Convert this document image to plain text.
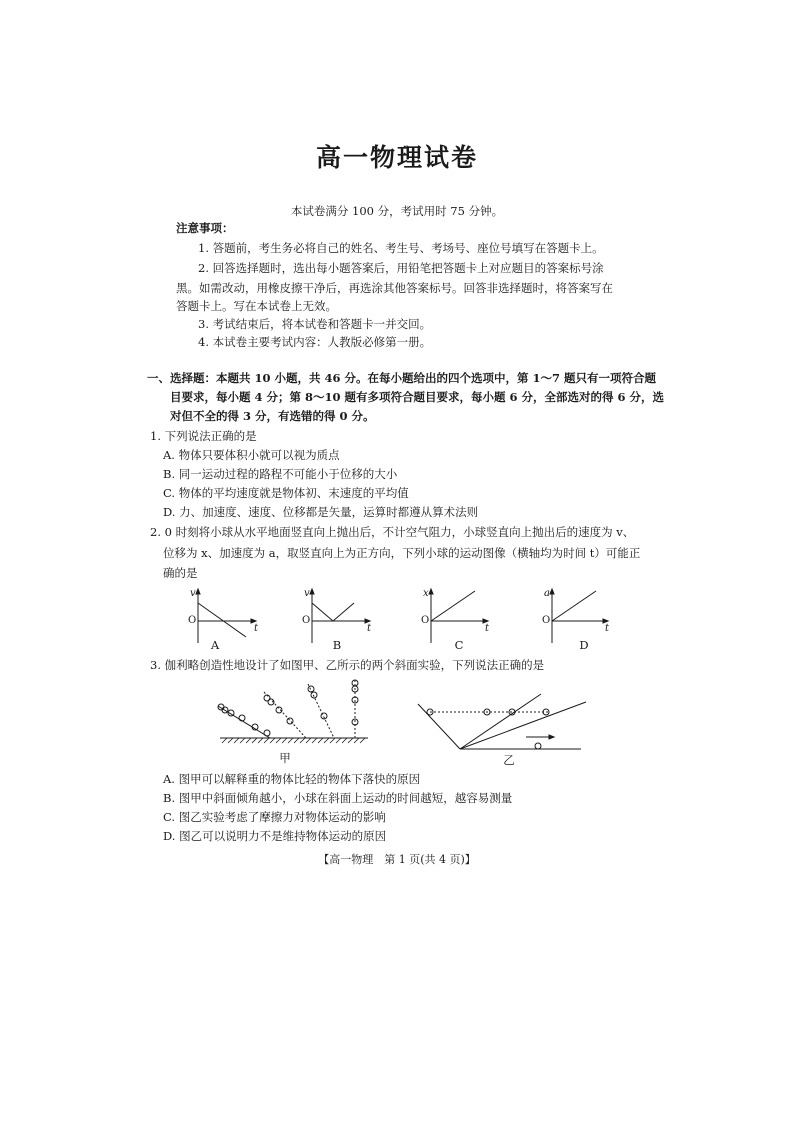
高一物理试卷
本试卷满分 100 分，考试用时 75 分钟。
注意事项：
1. 答题前，考生务必将自己的姓名、考生号、考场号、座位号填写在答题卡上。
2. 回答选择题时，选出每小题答案后，用铅笔把答题卡上对应题目的答案标号涂
黑。如需改动，用橡皮擦干净后，再选涂其他答案标号。回答非选择题时，将答案写在
答题卡上。写在本试卷上无效。
3. 考试结束后，将本试卷和答题卡一并交回。
4. 本试卷主要考试内容：人教版必修第一册。
一、选择题：本题共 10 小题，共 46 分。在每小题给出的四个选项中，第 1～7 题只有一项符合题
目要求，每小题 4 分；第 8～10 题有多项符合题目要求，每小题 6 分，全部选对的得 6 分，选
对但不全的得 3 分，有选错的得 0 分。
1. 下列说法正确的是
A. 物体只要体积小就可以视为质点
B. 同一运动过程的路程不可能小于位移的大小
C. 物体的平均速度就是物体初、末速度的平均值
D. 力、加速度、速度、位移都是矢量，运算时都遵从算术法则
2. 0 时刻将小球从水平地面竖直向上抛出后，不计空气阻力，小球竖直向上抛出后的速度为 v、
位移为 x、加速度为 a，取竖直向上为正方向，下列小球的运动图像（横轴均为时间 t）可能正
确的是
v
O
t
v
O
t
x
O
t
a
O
t
A	B	C	D
3. 伽利略创造性地设计了如图甲、乙所示的两个斜面实验，下列说法正确的是
甲	乙
A. 图甲可以解释重的物体比轻的物体下落快的原因
B. 图甲中斜面倾角越小，小球在斜面上运动的时间越短，越容易测量
C. 图乙实验考虑了摩擦力对物体运动的影响
D. 图乙可以说明力不是维持物体运动的原因
【高一物理　第 1 页(共 4 页)】
